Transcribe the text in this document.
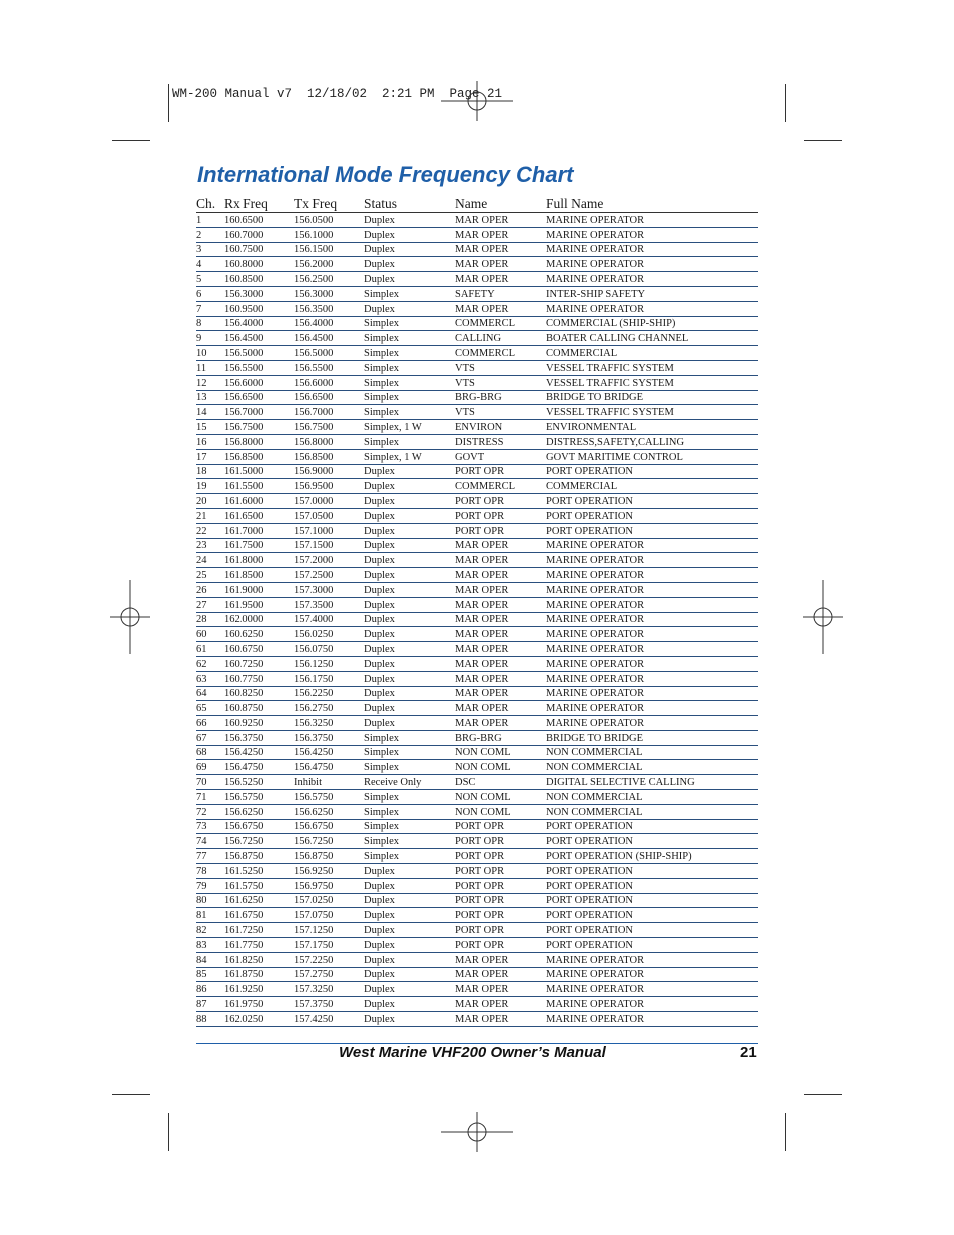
WM-200 Manual v7  12/18/02  2:21 PM  Page 21
International Mode Frequency Chart
Ch.	Rx Freq	Tx Freq	Status	Name	Full Name
1	160.6500	156.0500	Duplex	MAR OPER	MARINE OPERATOR
2	160.7000	156.1000	Duplex	MAR OPER	MARINE OPERATOR
3	160.7500	156.1500	Duplex	MAR OPER	MARINE OPERATOR
4	160.8000	156.2000	Duplex	MAR OPER	MARINE OPERATOR
5	160.8500	156.2500	Duplex	MAR OPER	MARINE OPERATOR
6	156.3000	156.3000	Simplex	SAFETY	INTER-SHIP SAFETY
7	160.9500	156.3500	Duplex	MAR OPER	MARINE OPERATOR
8	156.4000	156.4000	Simplex	COMMERCL	COMMERCIAL (SHIP-SHIP)
9	156.4500	156.4500	Simplex	CALLING	BOATER CALLING CHANNEL
10	156.5000	156.5000	Simplex	COMMERCL	COMMERCIAL
11	156.5500	156.5500	Simplex	VTS	VESSEL TRAFFIC SYSTEM
12	156.6000	156.6000	Simplex	VTS	VESSEL TRAFFIC SYSTEM
13	156.6500	156.6500	Simplex	BRG-BRG	BRIDGE TO BRIDGE
14	156.7000	156.7000	Simplex	VTS	VESSEL TRAFFIC SYSTEM
15	156.7500	156.7500	Simplex, 1 W	ENVIRON	ENVIRONMENTAL
16	156.8000	156.8000	Simplex	DISTRESS	DISTRESS,SAFETY,CALLING
17	156.8500	156.8500	Simplex, 1 W	GOVT	GOVT MARITIME CONTROL
18	161.5000	156.9000	Duplex	PORT OPR	PORT OPERATION
19	161.5500	156.9500	Duplex	COMMERCL	COMMERCIAL
20	161.6000	157.0000	Duplex	PORT OPR	PORT OPERATION
21	161.6500	157.0500	Duplex	PORT OPR	PORT OPERATION
22	161.7000	157.1000	Duplex	PORT OPR	PORT OPERATION
23	161.7500	157.1500	Duplex	MAR OPER	MARINE OPERATOR
24	161.8000	157.2000	Duplex	MAR OPER	MARINE OPERATOR
25	161.8500	157.2500	Duplex	MAR OPER	MARINE OPERATOR
26	161.9000	157.3000	Duplex	MAR OPER	MARINE OPERATOR
27	161.9500	157.3500	Duplex	MAR OPER	MARINE OPERATOR
28	162.0000	157.4000	Duplex	MAR OPER	MARINE OPERATOR
60	160.6250	156.0250	Duplex	MAR OPER	MARINE OPERATOR
61	160.6750	156.0750	Duplex	MAR OPER	MARINE OPERATOR
62	160.7250	156.1250	Duplex	MAR OPER	MARINE OPERATOR
63	160.7750	156.1750	Duplex	MAR OPER	MARINE OPERATOR
64	160.8250	156.2250	Duplex	MAR OPER	MARINE OPERATOR
65	160.8750	156.2750	Duplex	MAR OPER	MARINE OPERATOR
66	160.9250	156.3250	Duplex	MAR OPER	MARINE OPERATOR
67	156.3750	156.3750	Simplex	BRG-BRG	BRIDGE TO BRIDGE
68	156.4250	156.4250	Simplex	NON COML	NON COMMERCIAL
69	156.4750	156.4750	Simplex	NON COML	NON COMMERCIAL
70	156.5250	Inhibit	Receive Only	DSC	DIGITAL SELECTIVE CALLING
71	156.5750	156.5750	Simplex	NON COML	NON COMMERCIAL
72	156.6250	156.6250	Simplex	NON COML	NON COMMERCIAL
73	156.6750	156.6750	Simplex	PORT OPR	PORT OPERATION
74	156.7250	156.7250	Simplex	PORT OPR	PORT OPERATION
77	156.8750	156.8750	Simplex	PORT OPR	PORT OPERATION (SHIP-SHIP)
78	161.5250	156.9250	Duplex	PORT OPR	PORT OPERATION
79	161.5750	156.9750	Duplex	PORT OPR	PORT OPERATION
80	161.6250	157.0250	Duplex	PORT OPR	PORT OPERATION
81	161.6750	157.0750	Duplex	PORT OPR	PORT OPERATION
82	161.7250	157.1250	Duplex	PORT OPR	PORT OPERATION
83	161.7750	157.1750	Duplex	PORT OPR	PORT OPERATION
84	161.8250	157.2250	Duplex	MAR OPER	MARINE OPERATOR
85	161.8750	157.2750	Duplex	MAR OPER	MARINE OPERATOR
86	161.9250	157.3250	Duplex	MAR OPER	MARINE OPERATOR
87	161.9750	157.3750	Duplex	MAR OPER	MARINE OPERATOR
88	162.0250	157.4250	Duplex	MAR OPER	MARINE OPERATOR
West Marine VHF200 Owner’s Manual	21
